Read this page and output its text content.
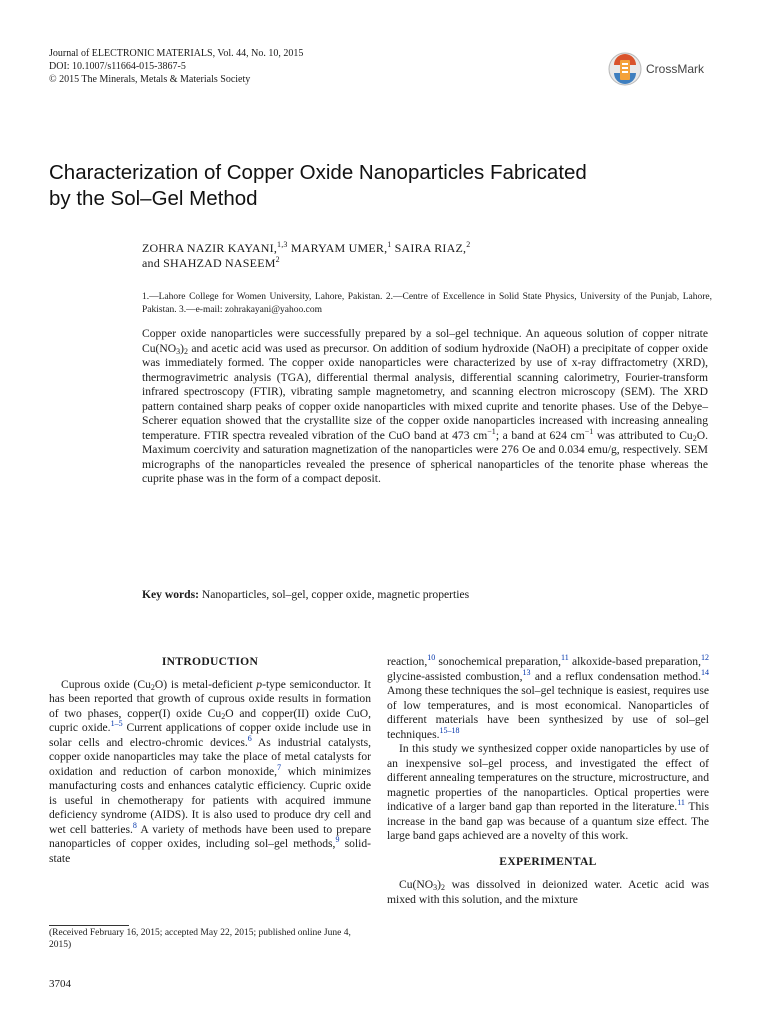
Journal of ELECTRONIC MATERIALS, Vol. 44, No. 10, 2015
DOI: 10.1007/s11664-015-3867-5
© 2015 The Minerals, Metals & Materials Society
CrossMark
Characterization of Copper Oxide Nanoparticles Fabricated
by the Sol–Gel Method
ZOHRA NAZIR KAYANI,$^{1,3}$ MARYAM UMER,$^1$ SAIRA RIAZ,$^2$
and SHAHZAD NASEEM$^2$
1.—Lahore College for Women University, Lahore, Pakistan. 2.—Centre of Excellence in Solid State Physics, University of the Punjab, Lahore, Pakistan. 3.—e-mail: zohrakayani@yahoo.com
Copper oxide nanoparticles were successfully prepared by a sol–gel technique. An aqueous solution of copper nitrate $Cu(NO_3)_2$ and acetic acid was used as precursor. On addition of sodium hydroxide (NaOH) a precipitate of copper oxide was immediately formed. The copper oxide nanoparticles were characterized by use of x-ray diffractometry (XRD), thermogravimetric analysis (TGA), differential thermal analysis, differential scanning calorimetry, Fourier-transform infrared spectroscopy (FTIR), vibrating sample magnetometry, and scanning electron microscopy (SEM). The XRD pattern contained sharp peaks of copper oxide nanoparticles with mixed cuprite and tenorite phases. Use of the Debye–Scherer equation showed that the crystallite size of the copper oxide nanoparticles increased with increasing annealing temperature. FTIR spectra revealed vibration of the CuO band at 473 $cm^{-1}$; a band at 624 $cm^{-1}$ was attributed to $Cu_2O$. Maximum coercivity and saturation magnetization of the nanoparticles were 276 Oe and 0.034 emu/g, respectively. SEM micrographs of the nanoparticles revealed the presence of spherical nanoparticles of the tenorite phase whereas the cuprite phase was in the form of a compact deposit.
Key words: Nanoparticles, sol–gel, copper oxide, magnetic properties
INTRODUCTION

Cuprous oxide $(Cu_2O)$ is metal-deficient p-type semiconductor. It has been reported that growth of cuprous oxide results in formation of two phases, copper(I) oxide $Cu_2O$ and copper(II) oxide CuO, cupric oxide.$^{1-5}$ Current applications of copper oxide include use in solar cells and electro-chromic devices.$^6$ As industrial catalysts, copper oxide nanoparticles may take the place of metal catalysts for oxidation and reduction of carbon monoxide,$^7$ which minimizes manufacturing costs and enhances catalytic efficiency. Cupric oxide is useful in chemotherapy for patients with acquired immune deficiency syndrome (AIDS). It is also used to produce dry cell and wet cell batteries.$^8$ A variety of methods have been used to prepare nanoparticles of copper oxides, including sol–gel methods,$^9$ solid-state

reaction,$^{10}$ sonochemical preparation,$^{11}$ alkoxide-based preparation,$^{12}$ glycine-assisted combustion,$^{13}$ and a reflux condensation method.$^{14}$ Among these techniques the sol–gel technique is easiest, requires use of low temperatures, and is most economical. Nanoparticles of different materials have been synthesized by use of sol–gel techniques.$^{15-18}$

In this study we synthesized copper oxide nanoparticles by use of an inexpensive sol–gel process, and investigated the effect of different annealing temperatures on the structure, microstructure, and magnetic properties of the nanoparticles. Optical properties were indicative of a larger band gap than reported in the literature.$^{11}$ This increase in the band gap was because of a quantum size effect. The large band gaps achieved are a novelty of this work.

EXPERIMENTAL

$Cu(NO_3)_2$ was dissolved in deionized water. Acetic acid was mixed with this solution, and the mixture

(Received February 16, 2015; accepted May 22, 2015; published online June 4, 2015)
3704
